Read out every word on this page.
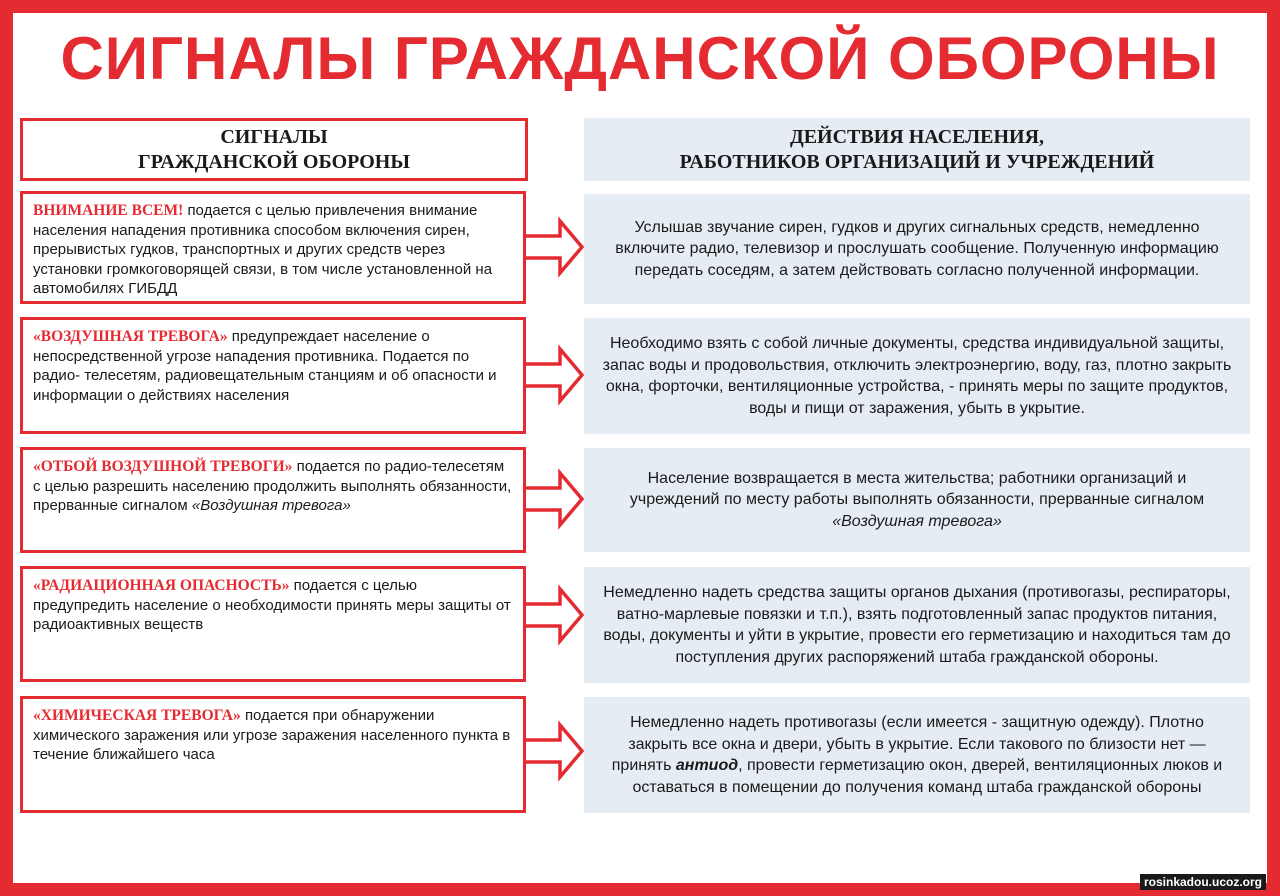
СИГНАЛЫ ГРАЖДАНСКОЙ ОБОРОНЫ
СИГНАЛЫ
ГРАЖДАНСКОЙ ОБОРОНЫ
ДЕЙСТВИЯ НАСЕЛЕНИЯ,
РАБОТНИКОВ ОРГАНИЗАЦИЙ И УЧРЕЖДЕНИЙ
ВНИМАНИЕ ВСЕМ! подается с целью привлечения внимание населения нападения противника способом включения сирен, прерывистых гудков, транспортных и других средств через установки громкоговорящей связи, в том числе установленной на автомобилях ГИБДД
Услышав звучание сирен, гудков и других сигнальных средств, немедленно включите радио, телевизор и прослушать сообщение. Полученную информацию передать соседям, а затем действовать согласно полученной информации.
«ВОЗДУШНАЯ ТРЕВОГА» предупреждает население о непосредственной угрозе нападения противника. Подается по радио- телесетям, радиовещательным станциям и об опасности и информации о действиях населения
Необходимо взять с собой личные документы, средства индивидуальной защиты, запас воды и продовольствия, отключить электроэнергию, воду, газ, плотно закрыть окна, форточки, вентиляционные устройства, - принять меры по защите продуктов, воды и пищи от заражения, убыть в укрытие.
«ОТБОЙ ВОЗДУШНОЙ ТРЕВОГИ» подается по радио-телесетям с целью разрешить населению продолжить выполнять обязанности, прерванные сигналом «Воздушная тревога»
Население возвращается в места жительства; работники организаций и учреждений по месту работы выполнять обязанности, прерванные сигналом «Воздушная тревога»
«РАДИАЦИОННАЯ ОПАСНОСТЬ» подается с целью предупредить население о необходимости принять меры защиты от радиоактивных веществ
Немедленно надеть средства защиты органов дыхания (противогазы, респираторы, ватно-марлевые повязки и т.п.), взять подготовленный запас продуктов питания, воды, документы и уйти в укрытие, провести его герметизацию и находиться там до поступления других распоряжений штаба гражданской обороны.
«ХИМИЧЕСКАЯ ТРЕВОГА» подается при обнаружении химического заражения или угрозе заражения населенного пункта в течение ближайшего часа
Немедленно надеть противогазы (если имеется - защитную одежду). Плотно закрыть все окна и двери, убыть в укрытие. Если такового по близости нет — принять антиод, провести герметизацию окон, дверей, вентиляционных люков и оставаться в помещении до получения команд штаба гражданской обороны
rosinkadou.ucoz.org
